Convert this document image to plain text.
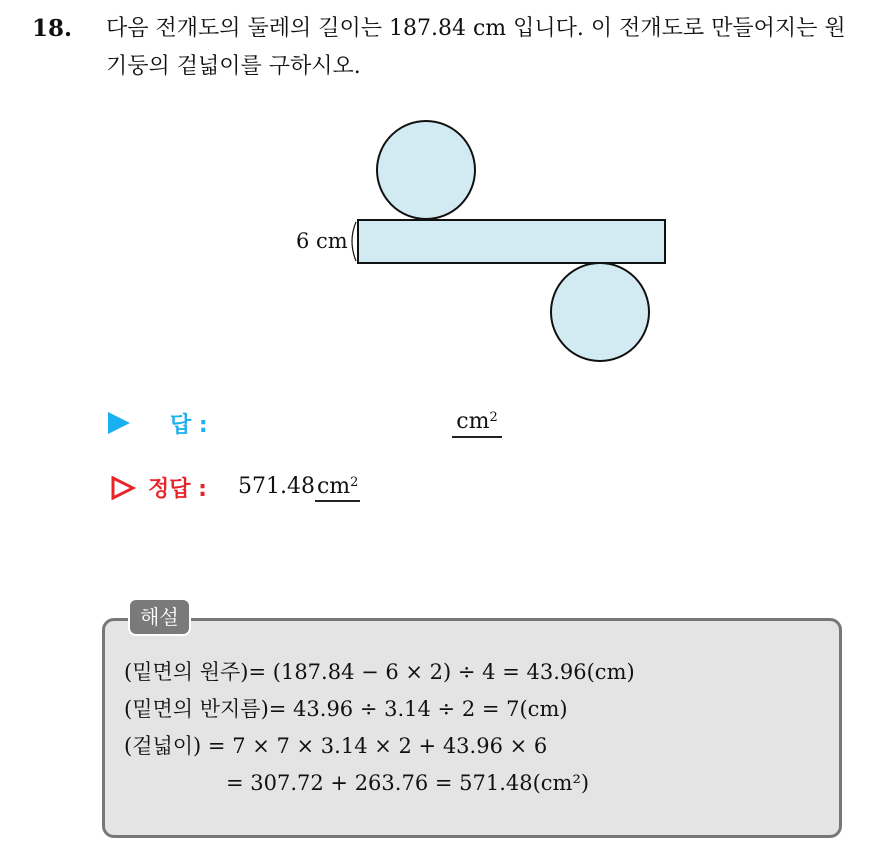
18. 다음 전개도의 둘레의 길이는 187.84 cm 입니다. 이 전개도로 만들어지는 원기둥의 겉넓이를 구하시오.
6 cm
답 :	$cm^2$
정답 : $571.48cm^2$
해설
(밑면의 원주)= (187.84 − 6 × 2) ÷ 4 = 43.96(cm)
(밑면의 반지름)= 43.96 ÷ 3.14 ÷ 2 = 7(cm)
(겉넓이) = 7 × 7 × 3.14 × 2 + 43.96 × 6
= 307.72 + 263.76 = 571.48(cm²)
